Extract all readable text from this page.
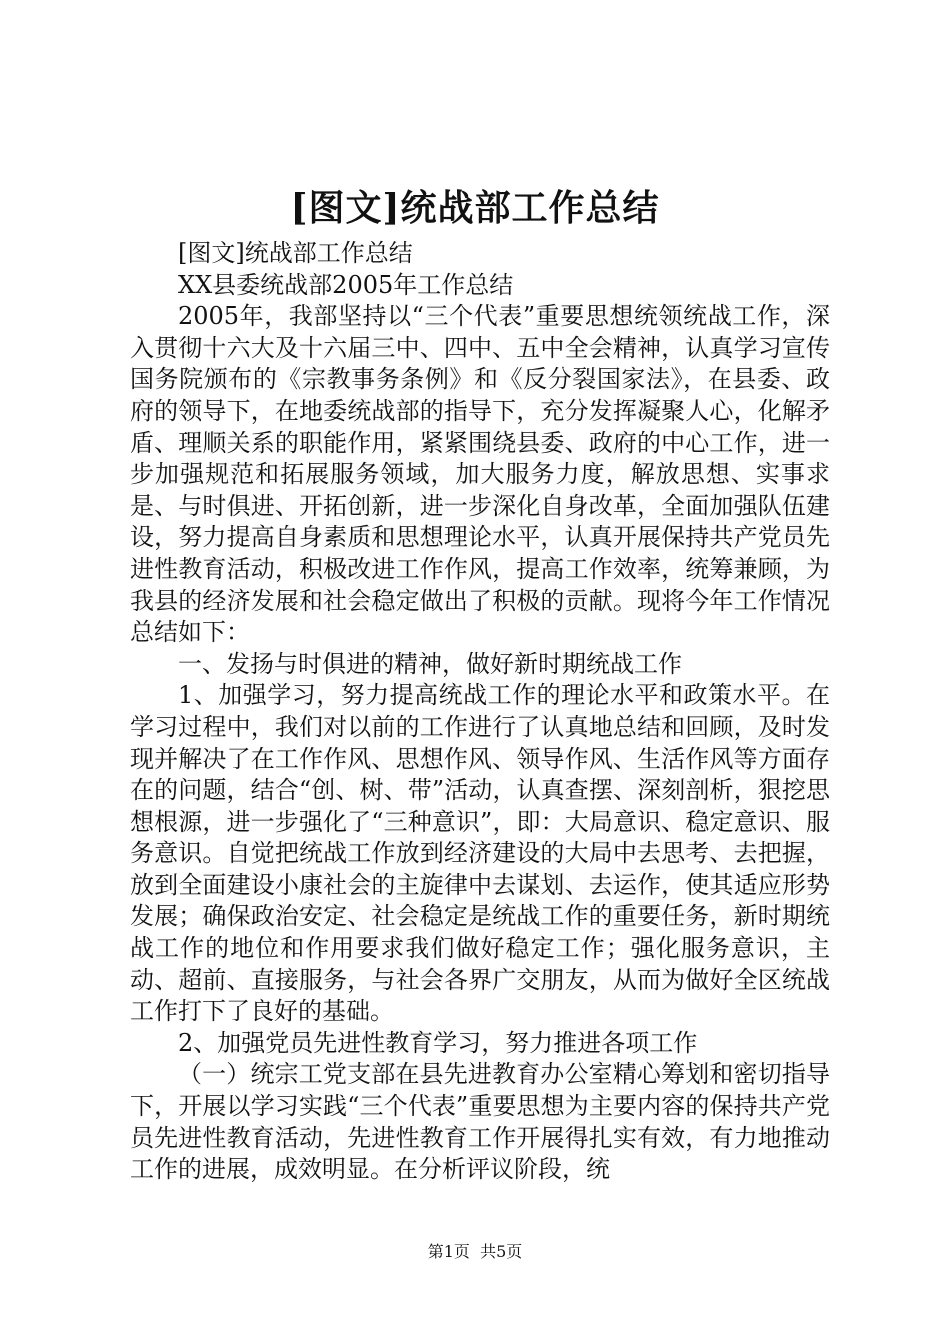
[图文]统战部工作总结

[图文]统战部工作总结

XX县委统战部2005年工作总结

2005年，我部坚持以“三个代表”重要思想统领统战工作，深入贯彻十六大及十六届三中、四中、五中全会精神，认真学习宣传国务院颁布的《宗教事务条例》和《反分裂国家法》，在县委、政府的领导下，在地委统战部的指导下，充分发挥凝聚人心，化解矛盾、理顺关系的职能作用，紧紧围绕县委、政府的中心工作，进一步加强规范和拓展服务领域，加大服务力度，解放思想、实事求是、与时俱进、开拓创新，进一步深化自身改革，全面加强队伍建设，努力提高自身素质和思想理论水平，认真开展保持共产党员先进性教育活动，积极改进工作作风，提高工作效率，统筹兼顾，为我县的经济发展和社会稳定做出了积极的贡献。现将今年工作情况总结如下：

一、发扬与时俱进的精神，做好新时期统战工作

1、加强学习，努力提高统战工作的理论水平和政策水平。在学习过程中，我们对以前的工作进行了认真地总结和回顾，及时发现并解决了在工作作风、思想作风、领导作风、生活作风等方面存在的问题，结合“创、树、带”活动，认真查摆、深刻剖析，狠挖思想根源，进一步强化了“三种意识”，即：大局意识、稳定意识、服务意识。自觉把统战工作放到经济建设的大局中去思考、去把握，放到全面建设小康社会的主旋律中去谋划、去运作，使其适应形势发展；确保政治安定、社会稳定是统战工作的重要任务，新时期统战工作的地位和作用要求我们做好稳定工作；强化服务意识，主动、超前、直接服务，与社会各界广交朋友，从而为做好全区统战工作打下了良好的基础。

2、加强党员先进性教育学习，努力推进各项工作

（一）统宗工党支部在县先进教育办公室精心筹划和密切指导下，开展以学习实践“三个代表”重要思想为主要内容的保持共产党员先进性教育活动，先进性教育工作开展得扎实有效，有力地推动工作的进展，成效明显。在分析评议阶段，统

第1页 共5页
